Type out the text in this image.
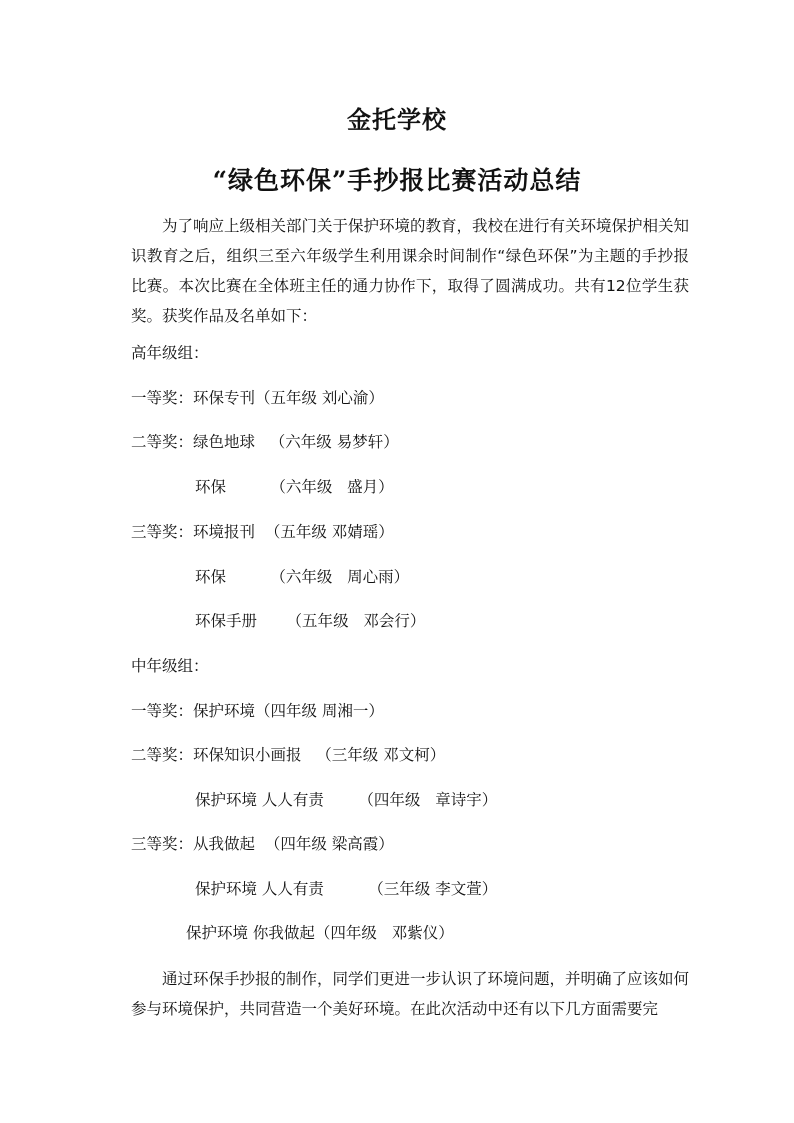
金托学校
“绿色环保”手抄报比赛活动总结
为了响应上级相关部门关于保护环境的教育，我校在进行有关环境保护相关知识教育之后，组织三至六年级学生利用课余时间制作“绿色环保”为主题的手抄报比赛。本次比赛在全体班主任的通力协作下，取得了圆满成功。共有12位学生获奖。获奖作品及名单如下：
高年级组：
一等奖：环保专刊（五年级 刘心渝）
二等奖：绿色地球   （六年级 易梦轩）
环保         （六年级   盛月）
三等奖：环境报刊  （五年级 邓婧瑶）
环保         （六年级   周心雨）
环保手册      （五年级   邓会行）
中年级组：
一等奖：保护环境（四年级 周湘一）
二等奖：环保知识小画报   （三年级 邓文柯）
保护环境 人人有责       （四年级   章诗宇）
三等奖：从我做起  （四年级 梁高霞）
保护环境 人人有责         （三年级 李文萱）
保护环境 你我做起（四年级   邓紫仪）
通过环保手抄报的制作，同学们更进一步认识了环境问题，并明确了应该如何参与环境保护，共同营造一个美好环境。在此次活动中还有以下几方面需要完
